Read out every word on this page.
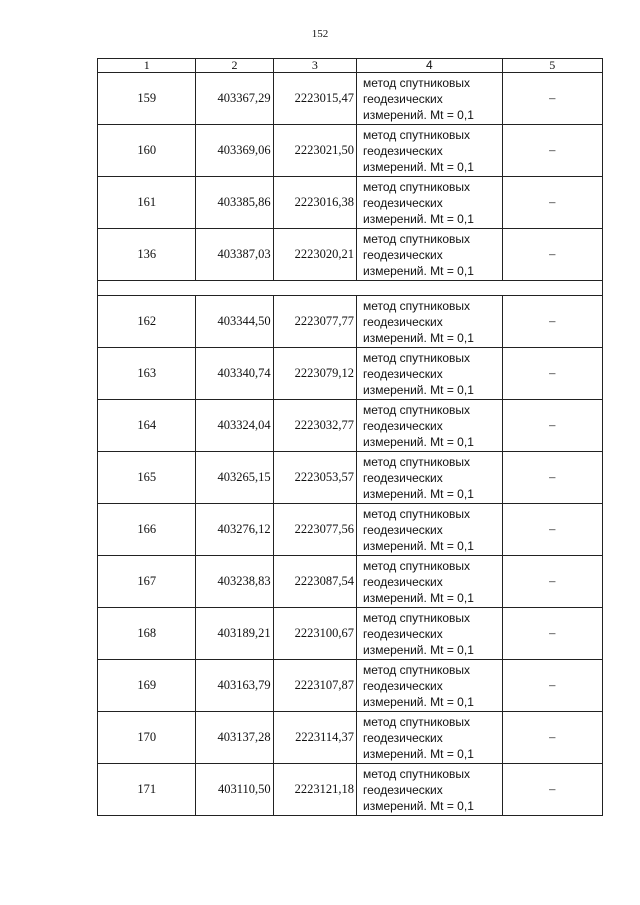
152
1	2	3	4	5
159	403367,29	2223015,47	метод спутниковых геодезических измерений. Mt = 0,1	–
160	403369,06	2223021,50	метод спутниковых геодезических измерений. Mt = 0,1	–
161	403385,86	2223016,38	метод спутниковых геодезических измерений. Mt = 0,1	–
136	403387,03	2223020,21	метод спутниковых геодезических измерений. Mt = 0,1	–

162	403344,50	2223077,77	метод спутниковых геодезических измерений. Mt = 0,1	–
163	403340,74	2223079,12	метод спутниковых геодезических измерений. Mt = 0,1	–
164	403324,04	2223032,77	метод спутниковых геодезических измерений. Mt = 0,1	–
165	403265,15	2223053,57	метод спутниковых геодезических измерений. Mt = 0,1	–
166	403276,12	2223077,56	метод спутниковых геодезических измерений. Mt = 0,1	–
167	403238,83	2223087,54	метод спутниковых геодезических измерений. Mt = 0,1	–
168	403189,21	2223100,67	метод спутниковых геодезических измерений. Mt = 0,1	–
169	403163,79	2223107,87	метод спутниковых геодезических измерений. Mt = 0,1	–
170	403137,28	2223114,37	метод спутниковых геодезических измерений. Mt = 0,1	–
171	403110,50	2223121,18	метод спутниковых геодезических измерений. Mt = 0,1	–
